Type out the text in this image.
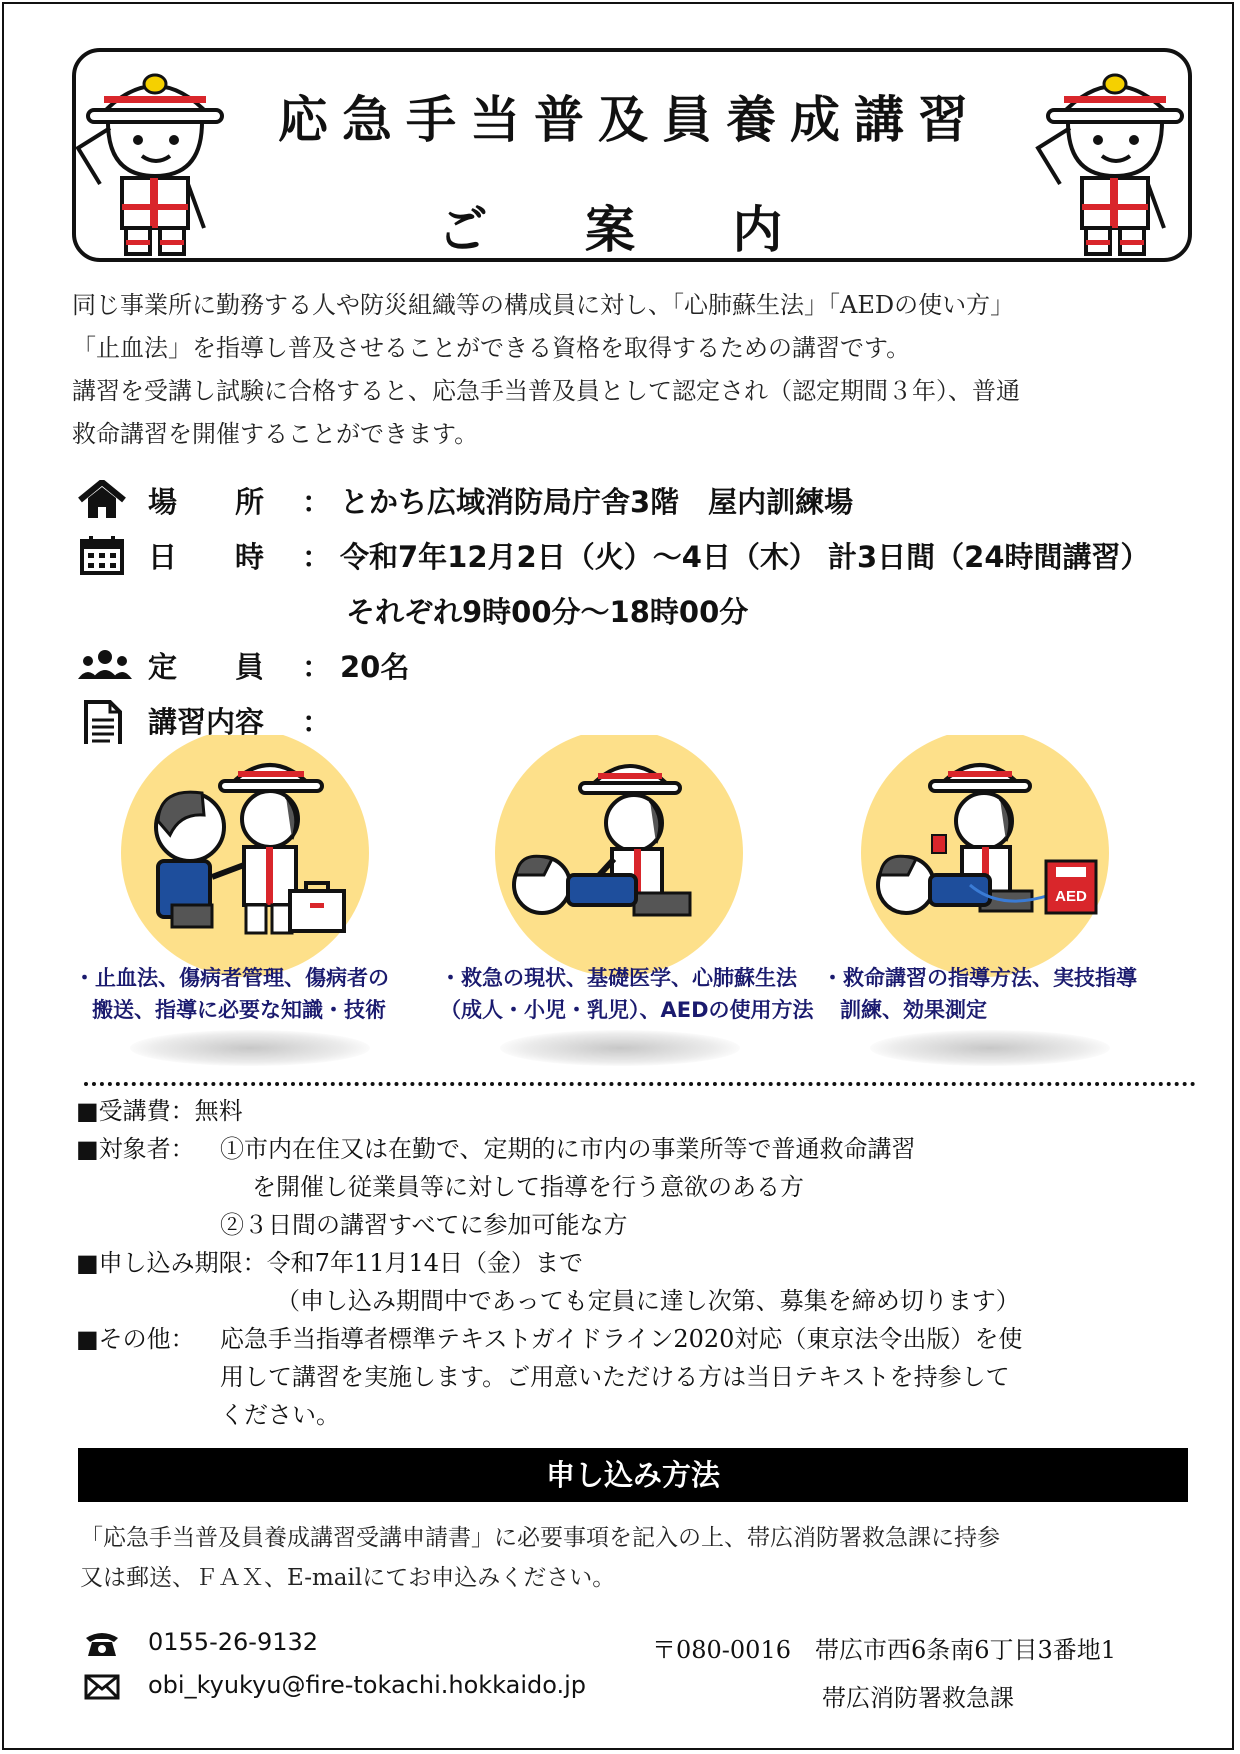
応急手当普及員養成講習
ご 案 内

同じ事業所に勤務する人や防災組織等の構成員に対し、「心肺蘇生法」「AEDの使い方」

「止血法」を指導し普及させることができる資格を取得するための講習です。

講習を受講し試験に合格すると、応急手当普及員として認定され（認定期間３年）、普通

救命講習を開催することができます。

場　　所 ： とかち広域消防局庁舎3階　屋内訓練場
日　　時 ： 令和7年12月2日（火）～4日（木） 計3日間（24時間講習）
それぞれ9時00分～18時00分
定　　員 ： 20名
講習内容 ：
AED
・止血法、傷病者管理、傷病者の
搬送、指導に必要な知識・技術
・救急の現状、基礎医学、心肺蘇生法
（成人・小児・乳児）、AEDの使用方法
・救命講習の指導方法、実技指導
訓練、効果測定
■受講費：無料
■対象者： ①市内在住又は在勤で、定期的に市内の事業所等で普通救命講習
を開催し従業員等に対して指導を行う意欲のある方
②３日間の講習すべてに参加可能な方
■申し込み期限：令和7年11月14日（金）まで
（申し込み期間中であっても定員に達し次第、募集を締め切ります）
■その他： 応急手当指導者標準テキストガイドライン2020対応（東京法令出版）を使
用して講習を実施します。ご用意いただける方は当日テキストを持参して
ください。
申し込み方法

「応急手当普及員養成講習受講申請書」に必要事項を記入の上、帯広消防署救急課に持参

又は郵送、ＦＡＸ、E-mailにてお申込みください。

0155-26-9132
obi_kyukyu@fire-tokachi.hokkaido.jp
〒080-0016　帯広市西6条南6丁目3番地1
帯広消防署救急課
